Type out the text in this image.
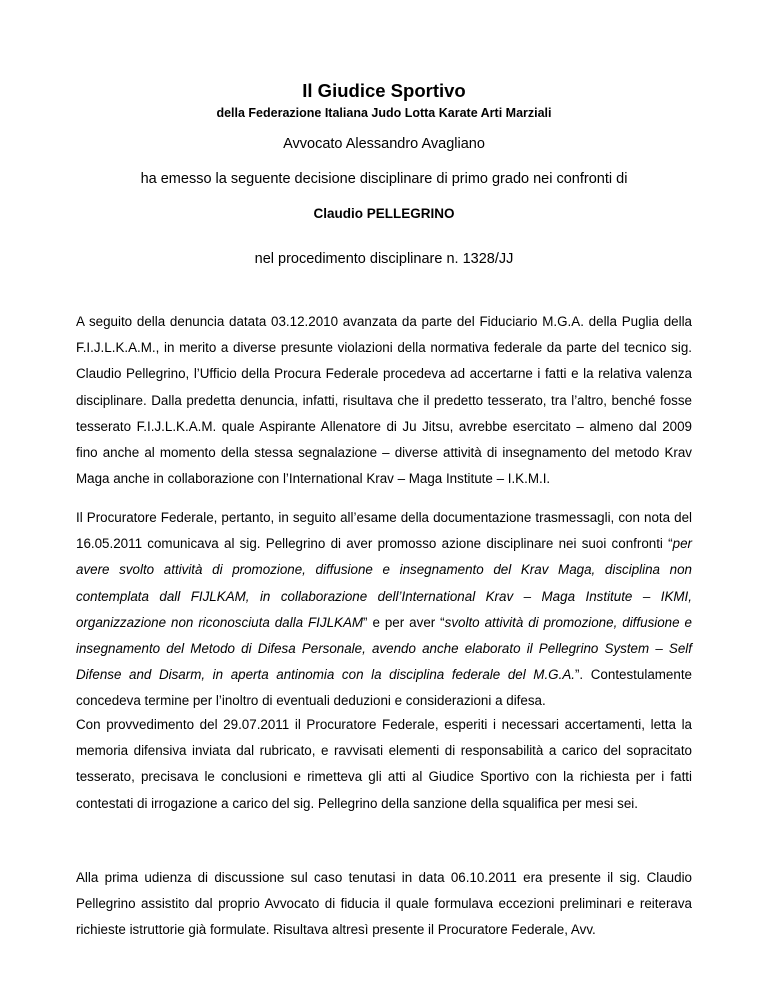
Il Giudice Sportivo
della Federazione Italiana Judo Lotta Karate Arti Marziali
Avvocato Alessandro Avagliano
ha emesso la seguente decisione disciplinare di primo grado nei confronti di
Claudio PELLEGRINO
nel procedimento disciplinare n. 1328/JJ
A seguito della denuncia datata 03.12.2010 avanzata da parte del Fiduciario M.G.A. della Puglia della F.I.J.L.K.A.M., in merito a diverse presunte violazioni della normativa federale da parte del tecnico sig. Claudio Pellegrino, l’Ufficio della Procura Federale procedeva ad accertarne i fatti e la relativa valenza disciplinare. Dalla predetta denuncia, infatti, risultava che il predetto tesserato, tra l’altro, benché fosse tesserato F.I.J.L.K.A.M. quale Aspirante Allenatore di Ju Jitsu, avrebbe esercitato – almeno dal 2009 fino anche al momento della stessa segnalazione – diverse attività di insegnamento del metodo Krav Maga anche in collaborazione con l’International Krav – Maga Institute – I.K.M.I.
Il Procuratore Federale, pertanto, in seguito all’esame della documentazione trasmessagli, con nota del 16.05.2011 comunicava al sig. Pellegrino di aver promosso azione disciplinare nei suoi confronti “per avere svolto attività di promozione, diffusione e insegnamento del Krav Maga, disciplina non contemplata dall FIJLKAM, in collaborazione dell’International Krav – Maga Institute – IKMI, organizzazione non riconosciuta dalla FIJLKAM” e per aver “svolto attività di promozione, diffusione e insegnamento del Metodo di Difesa Personale, avendo anche elaborato il Pellegrino System – Self Difense and Disarm, in aperta antinomia con la disciplina federale del M.G.A.”. Contestulamente concedeva termine per l’inoltro di eventuali deduzioni e considerazioni a difesa.
Con provvedimento del 29.07.2011 il Procuratore Federale, esperiti i necessari accertamenti, letta la memoria difensiva inviata dal rubricato, e ravvisati elementi di responsabilità a carico del sopracitato tesserato, precisava le conclusioni e rimetteva gli atti al Giudice Sportivo con la richiesta per i fatti contestati di irrogazione a carico del sig. Pellegrino della sanzione della squalifica per mesi sei.
Alla prima udienza di discussione sul caso tenutasi in data 06.10.2011 era presente il sig. Claudio Pellegrino assistito dal proprio Avvocato di fiducia il quale formulava eccezioni preliminari e reiterava richieste istruttorie già formulate. Risultava altresì presente il Procuratore Federale, Avv.
